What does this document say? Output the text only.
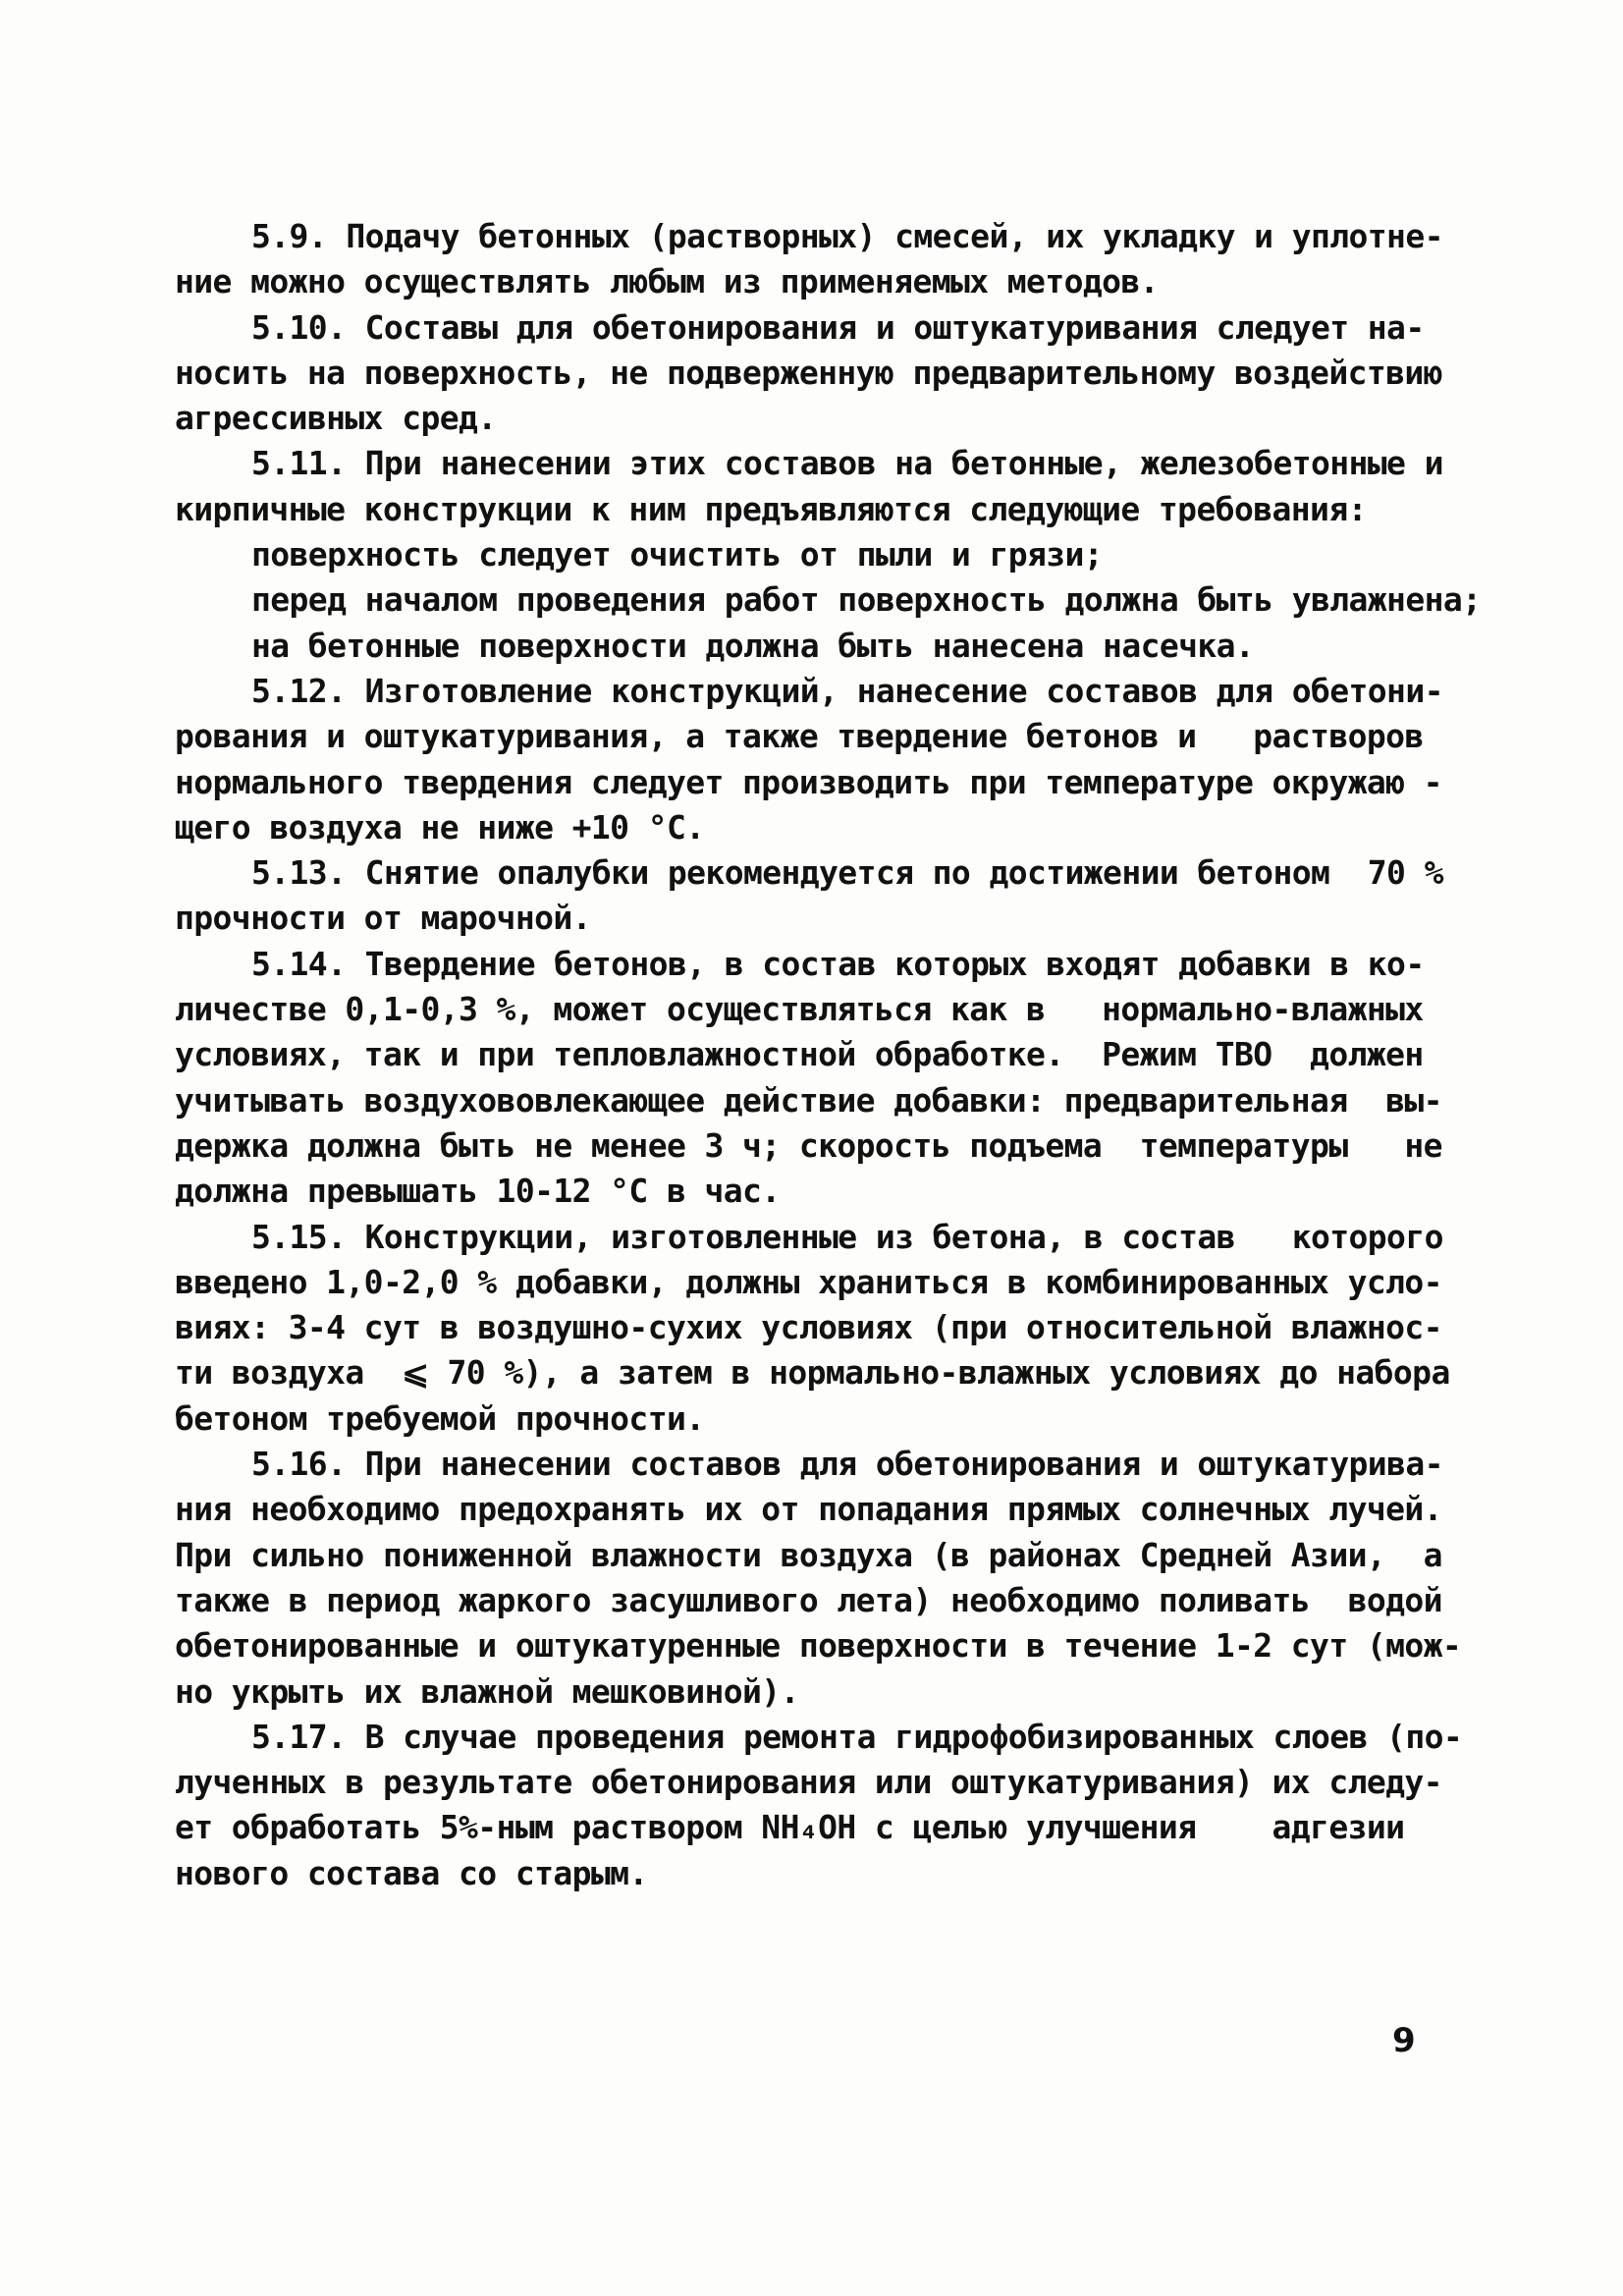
5.9. Подачу бетонных (растворных) смесей, их укладку и уплотне-
ние можно осуществлять любым из применяемых методов.
5.10. Составы для обетонирования и оштукатуривания следует на-
носить на поверхность, не подверженную предварительному воздействию
агрессивных сред.
5.11. При нанесении этих составов на бетонные, железобетонные и
кирпичные конструкции к ним предъявляются следующие требования:
поверхность следует очистить от пыли и грязи;
перед началом проведения работ поверхность должна быть увлажнена;
на бетонные поверхности должна быть нанесена насечка.
5.12. Изготовление конструкций, нанесение составов для обетони-
рования и оштукатуривания, а также твердение бетонов и   растворов
нормального твердения следует производить при температуре окружаю -
щего воздуха не ниже +10 °С.
5.13. Снятие опалубки рекомендуется по достижении бетоном  70 %
прочности от марочной.
5.14. Твердение бетонов, в состав которых входят добавки в ко-
личестве 0,1-0,3 %, может осуществляться как в   нормально-влажных
условиях, так и при тепловлажностной обработке.  Режим ТВО  должен
учитывать воздухововлекающее действие добавки: предварительная  вы-
держка должна быть не менее 3 ч; скорость подъема  температуры   не
должна превышать 10-12 °С в час.
5.15. Конструкции, изготовленные из бетона, в состав   которого
введено 1,0-2,0 % добавки, должны храниться в комбинированных усло-
виях: 3-4 сут в воздушно-сухих условиях (при относительной влажнос-
ти воздуха  ⩽ 70 %), а затем в нормально-влажных условиях до набора
бетоном требуемой прочности.
5.16. При нанесении составов для обетонирования и оштукатурива-
ния необходимо предохранять их от попадания прямых солнечных лучей.
При сильно пониженной влажности воздуха (в районах Средней Азии,  а
также в период жаркого засушливого лета) необходимо поливать  водой
обетонированные и оштукатуренные поверхности в течение 1-2 сут (мож-
но укрыть их влажной мешковиной).
5.17. В случае проведения ремонта гидрофобизированных слоев (по-
лученных в результате обетонирования или оштукатуривания) их следу-
ет обработать 5%-ным раствором NH₄OH с целью улучшения    адгезии
нового состава со старым.
9
